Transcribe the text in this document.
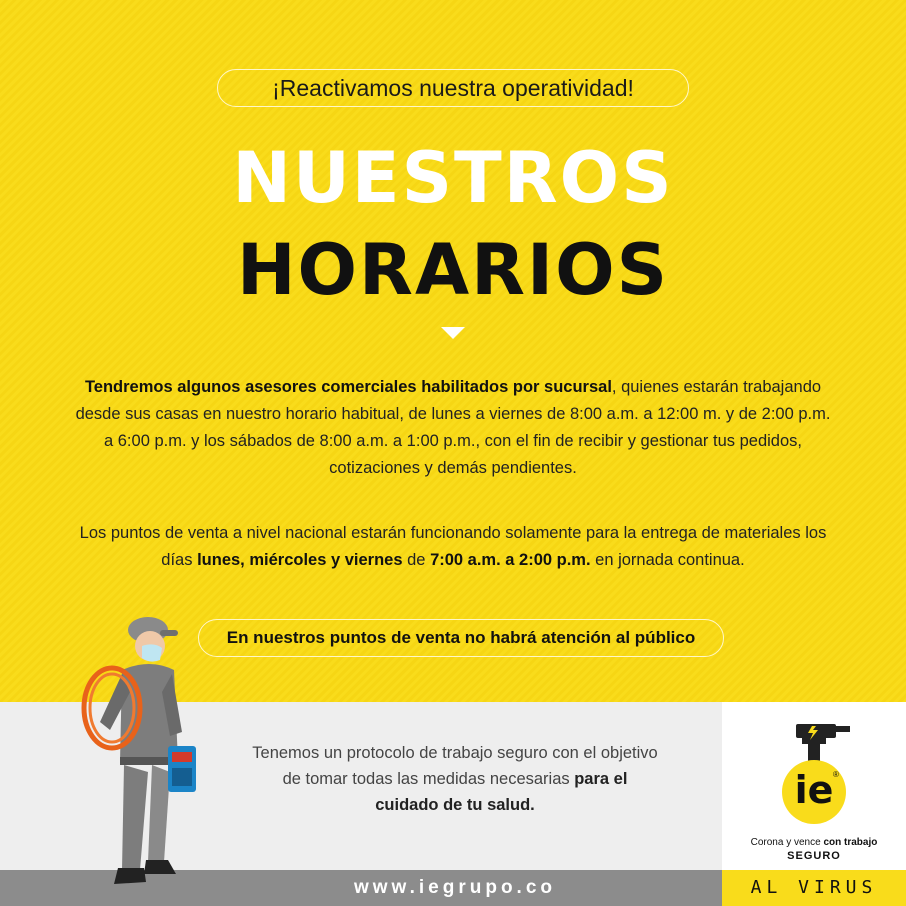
¡Reactivamos nuestra operatividad!
NUESTROS
HORARIOS
Tendremos algunos asesores comerciales habilitados por sucursal, quienes estarán trabajando desde sus casas en nuestro horario habitual, de lunes a viernes de 8:00 a.m. a 12:00 m. y de 2:00 p.m. a 6:00 p.m. y los sábados de 8:00 a.m. a 1:00 p.m., con el fin de recibir y gestionar tus pedidos, cotizaciones y demás pendientes.
Los puntos de venta a nivel nacional estarán funcionando solamente para la entrega de materiales los días lunes, miércoles y viernes de 7:00 a.m. a 2:00 p.m. en jornada continua.
En nuestros puntos de venta no habrá atención al público
Tenemos un protocolo de trabajo seguro con el objetivo de tomar todas las medidas necesarias para el cuidado de tu salud.
www.iegrupo.co
ie ®
Corona y vence con trabajo
SEGURO
AL VIRUS
